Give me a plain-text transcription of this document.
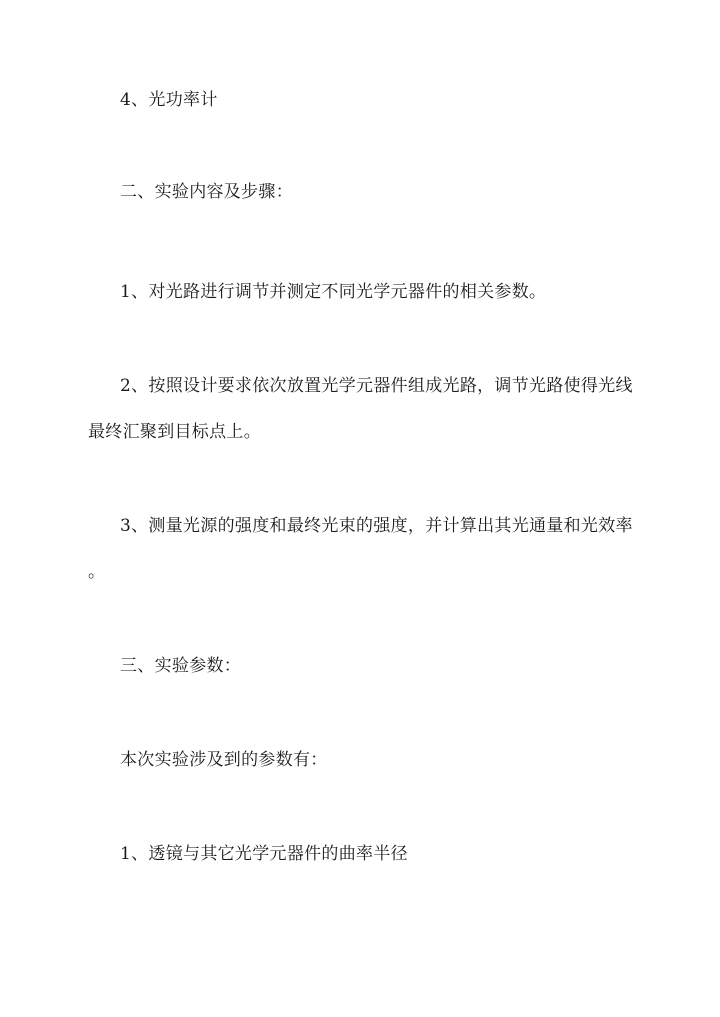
4、光功率计
二、实验内容及步骤：
1、对光路进行调节并测定不同光学元器件的相关参数。
2、按照设计要求依次放置光学元器件组成光路，调节光路使得光线
最终汇聚到目标点上。
3、测量光源的强度和最终光束的强度，并计算出其光通量和光效率
。
三、实验参数：
本次实验涉及到的参数有：
1、透镜与其它光学元器件的曲率半径
